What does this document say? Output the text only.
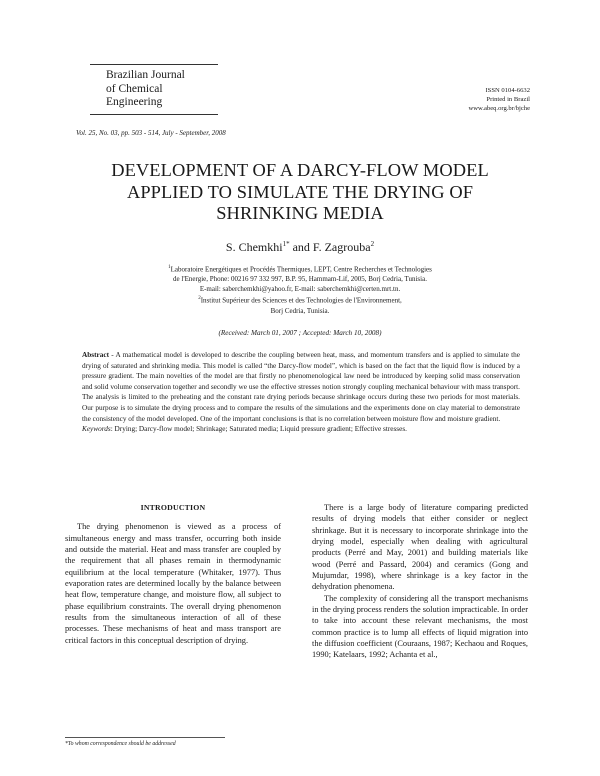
Brazilian Journal
of Chemical
Engineering
ISSN 0104-6632
Printed in Brazil
www.abeq.org.br/bjche
Vol. 25, No. 03, pp. 503 - 514, July - September, 2008
DEVELOPMENT OF A DARCY-FLOW MODEL
APPLIED TO SIMULATE THE DRYING OF
SHRINKING MEDIA
S. Chemkhi$^{1*}$ and F. Zagrouba$^2$
$^1$Laboratoire Energétiques et Procédés Thermiques, LEPT, Centre Recherches et Technologies
de l'Energie, Phone: 00216 97 332 997, B.P. 95, Hammam-Lif, 2005, Borj Cedria, Tunisia.
E-mail: saberchemkhi@yahoo.fr, E-mail: saberchemkhi@certen.mrt.tn.
$^2$Institut Supérieur des Sciences et des Technologies de l'Environnement,
Borj Cedria, Tunisia.
(Received: March 01, 2007 ; Accepted: March 10, 2008)
Abstract - A mathematical model is developed to describe the coupling between heat, mass, and momentum transfers and is applied to simulate the drying of saturated and shrinking media. This model is called “the Darcy-flow model”, which is based on the fact that the liquid flow is induced by a pressure gradient. The main novelties of the model are that firstly no phenomenological law need be introduced by keeping solid mass conservation and solid volume conservation together and secondly we use the effective stresses notion strongly coupling mechanical behaviour with mass transport. The analysis is limited to the preheating and the constant rate drying periods because shrinkage occurs during these two periods for most materials. Our purpose is to simulate the drying process and to compare the results of the simulations and the experiments done on clay material to demonstrate the consistency of the model developed. One of the important conclusions is that is no correlation between moisture flow and moisture gradient.
Keywords: Drying; Darcy-flow model; Shrinkage; Saturated media; Liquid pressure gradient; Effective stresses.
INTRODUCTION

The drying phenomenon is viewed as a process of simultaneous energy and mass transfer, occurring both inside and outside the material. Heat and mass transfer are coupled by the requirement that all phases remain in thermodynamic equilibrium at the local temperature (Whitaker, 1977). Thus evaporation rates are determined locally by the balance between heat flow, temperature change, and moisture flow, all subject to phase equilibrium constraints. The overall drying phenomenon results from the simultaneous interaction of all of these processes. These mechanisms of heat and mass transport are critical factors in this conceptual description of drying.

There is a large body of literature comparing predicted results of drying models that either consider or neglect shrinkage. But it is necessary to incorporate shrinkage into the drying model, especially when dealing with agricultural products (Perré and May, 2001) and building materials like wood (Perré and Passard, 2004) and ceramics (Gong and Mujumdar, 1998), where shrinkage is a key factor in the dehydration phenomena.

The complexity of considering all the transport mechanisms in the drying process renders the solution impracticable. In order to take into account these relevant mechanisms, the most common practice is to lump all effects of liquid migration into the diffusion coefficient (Couraans, 1987; Kechaou and Roques, 1990; Katelaars, 1992; Achanta et al.,

*To whom correspondence should be addressed
